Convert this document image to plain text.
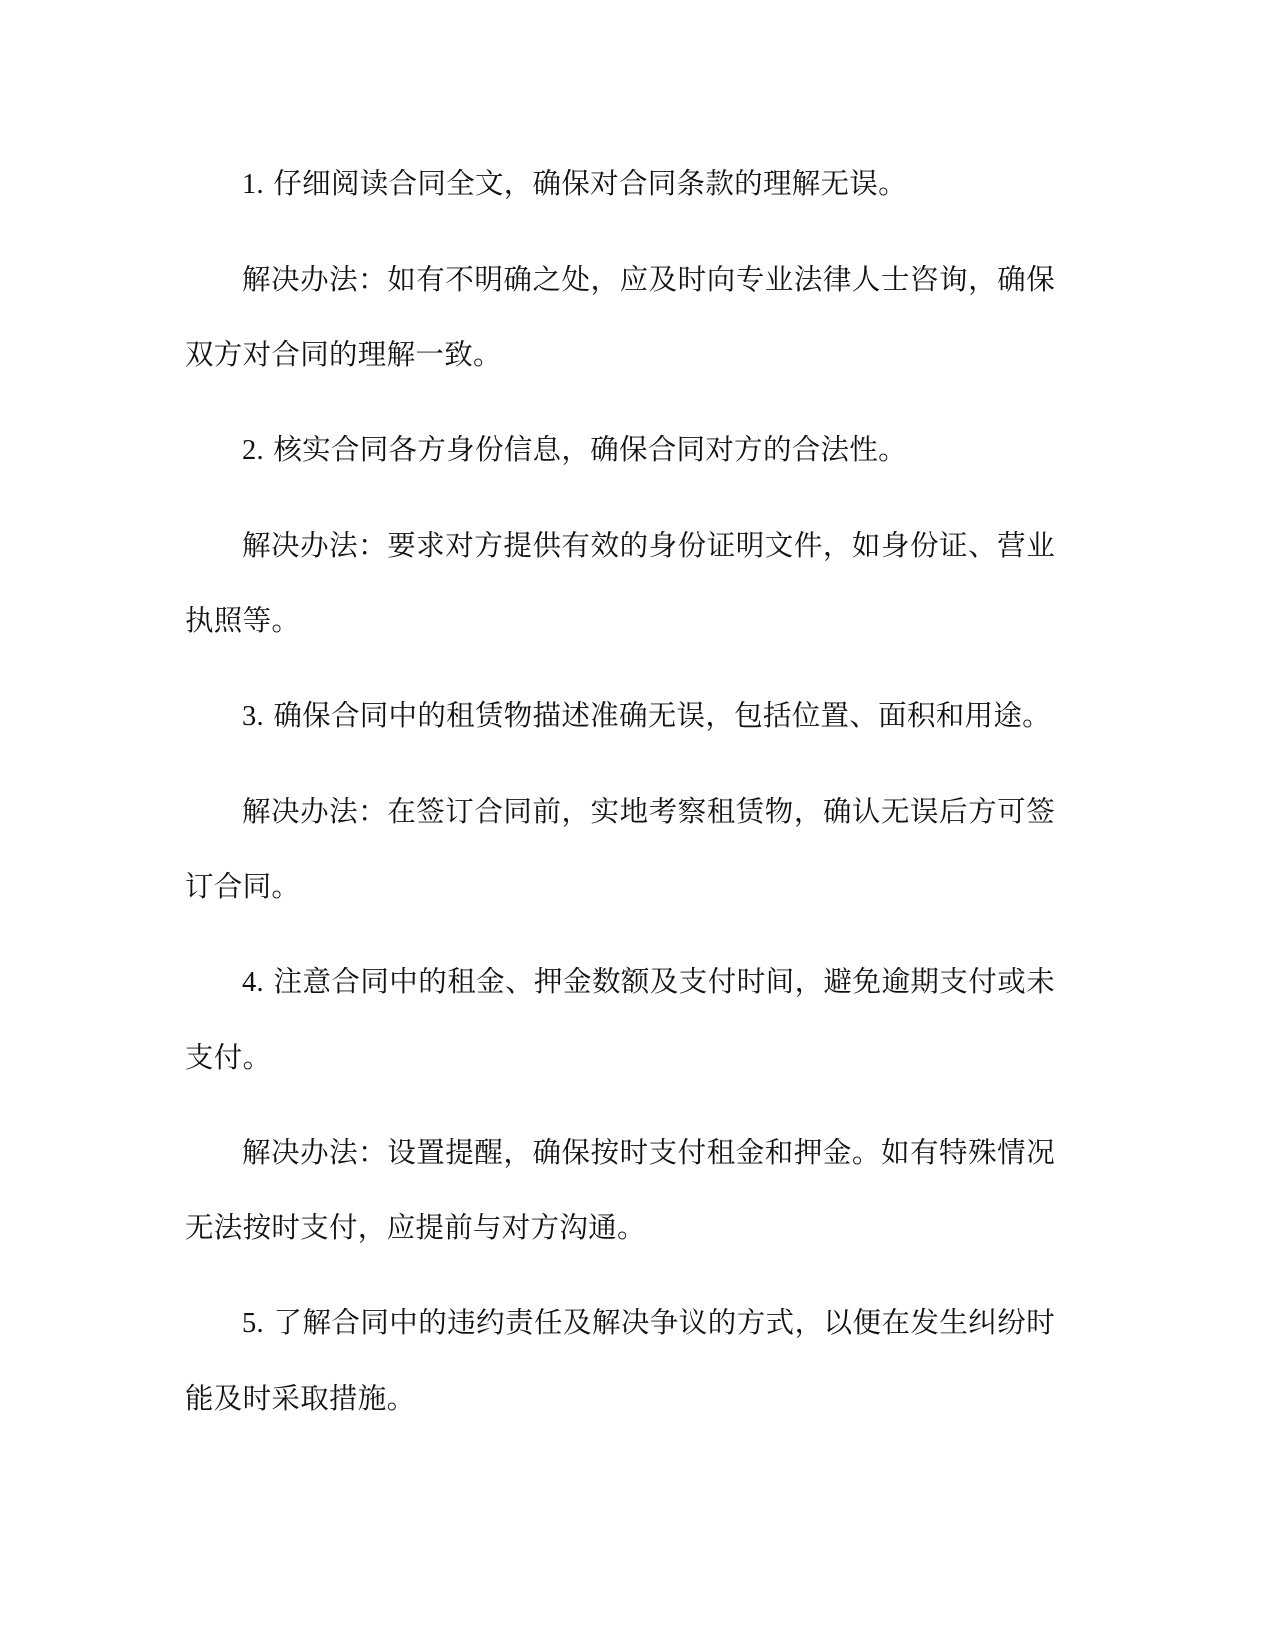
1. 仔细阅读合同全文，确保对合同条款的理解无误。

解决办法：如有不明确之处，应及时向专业法律人士咨询，确保双方对合同的理解一致。

2. 核实合同各方身份信息，确保合同对方的合法性。

解决办法：要求对方提供有效的身份证明文件，如身份证、营业执照等。

3. 确保合同中的租赁物描述准确无误，包括位置、面积和用途。

解决办法：在签订合同前，实地考察租赁物，确认无误后方可签订合同。

4. 注意合同中的租金、押金数额及支付时间，避免逾期支付或未支付。

解决办法：设置提醒，确保按时支付租金和押金。如有特殊情况无法按时支付，应提前与对方沟通。

5. 了解合同中的违约责任及解决争议的方式，以便在发生纠纷时能及时采取措施。
